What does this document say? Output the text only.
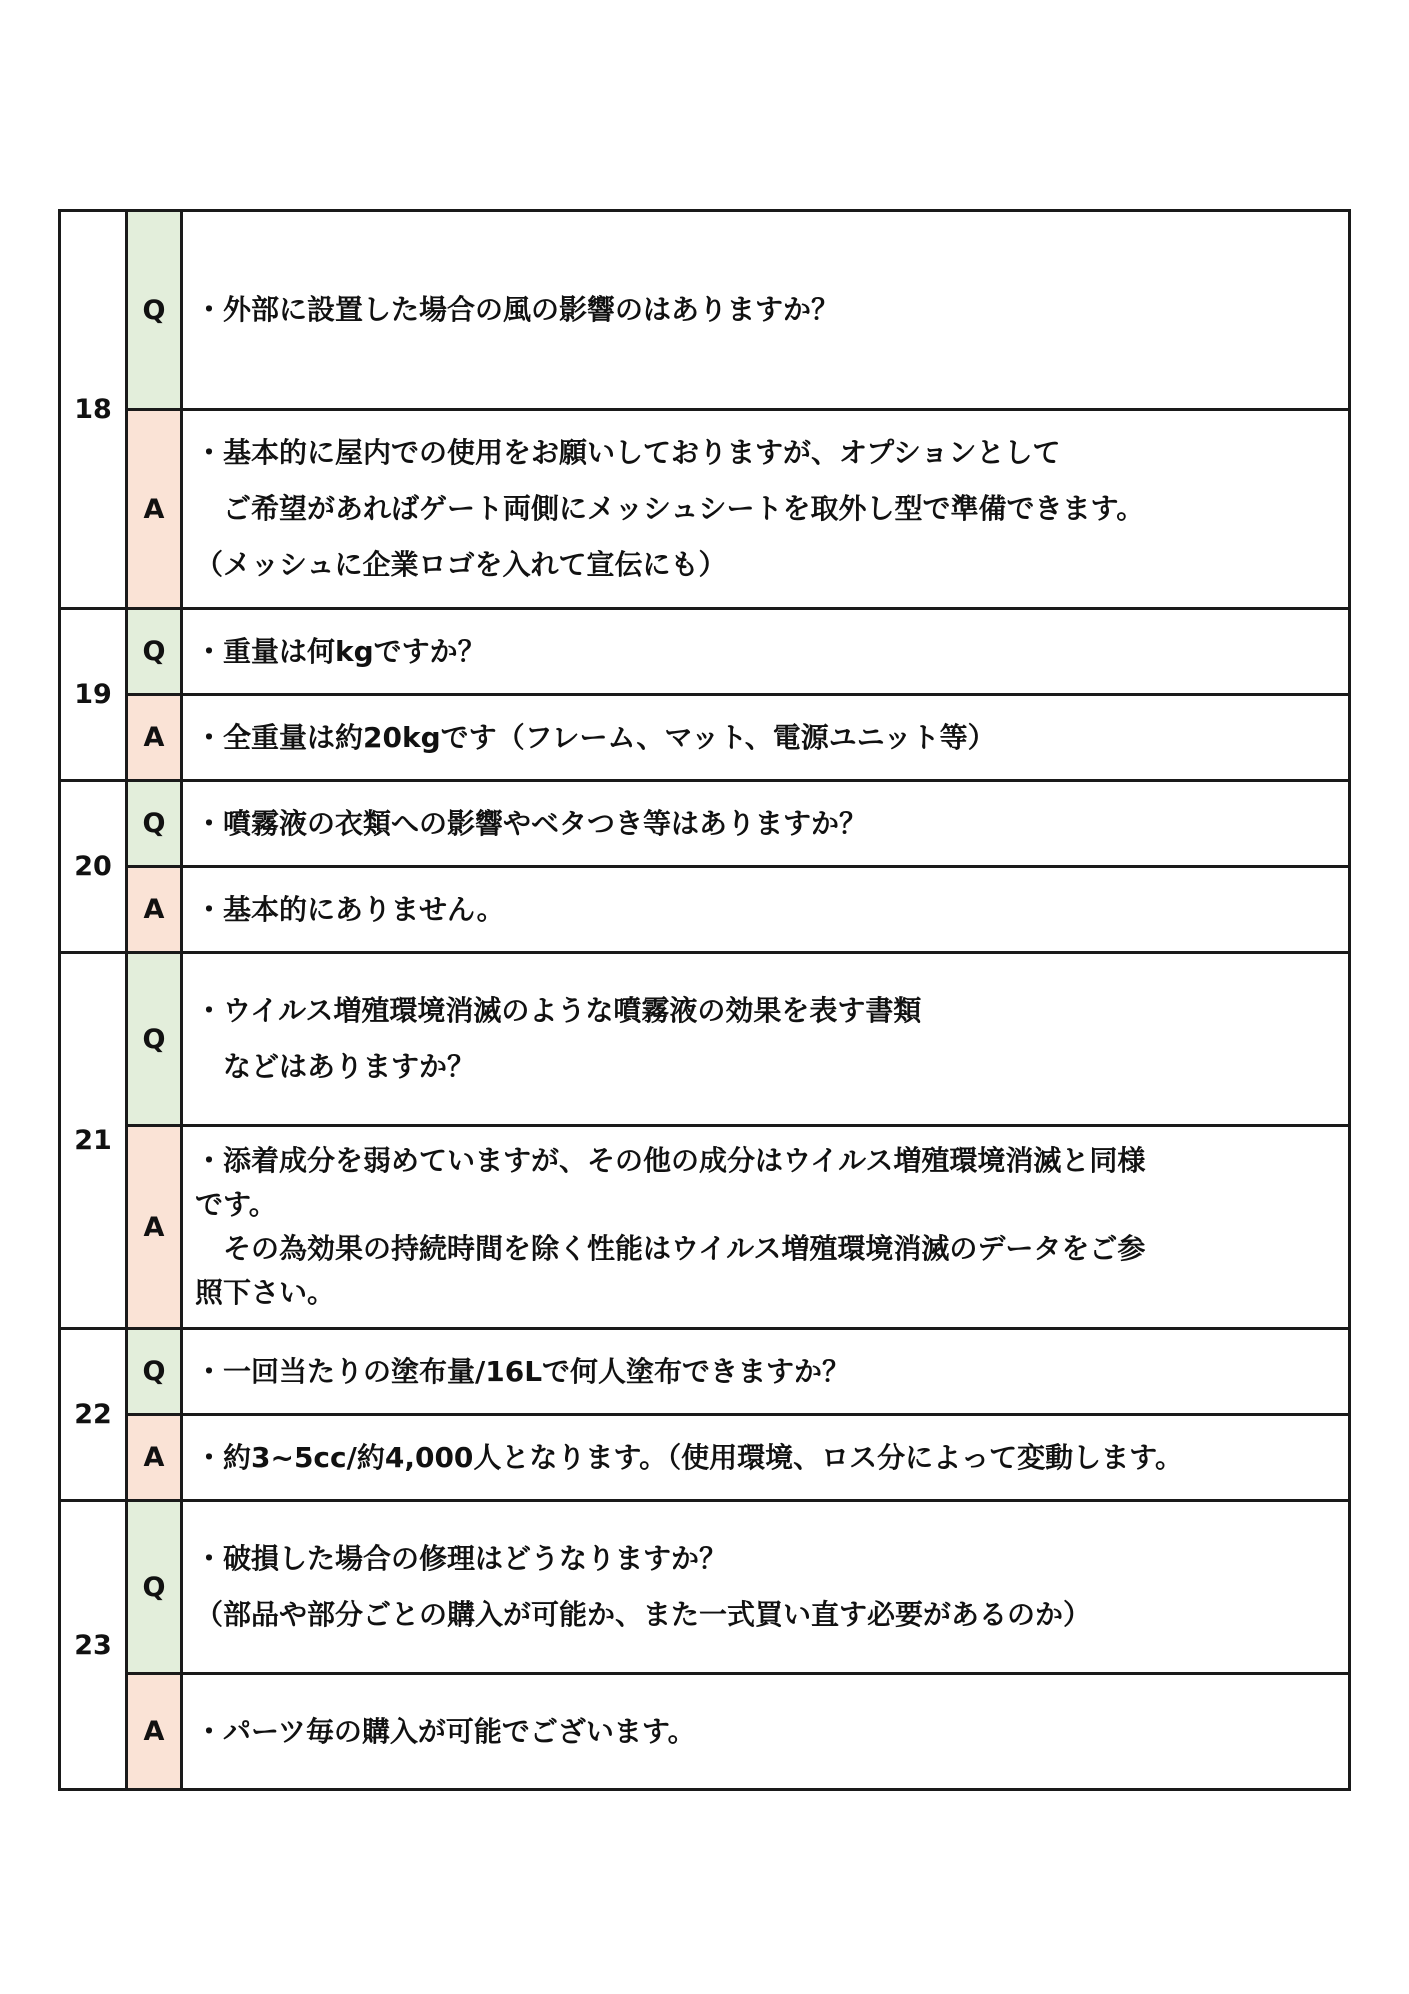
18	Q	・外部に設置した場合の風の影響のはありますか？

	A	・基本的に屋内での使用をお願いしておりますが、オプションとして
ご希望があればゲート両側にメッシュシートを取外し型で準備できます。
（メッシュに企業ロゴを入れて宣伝にも）

19	Q	・重量は何kgですか？

	A	・全重量は約20kgです（フレーム、マット、電源ユニット等）

20	Q	・噴霧液の衣類への影響やベタつき等はありますか？

	A	・基本的にありません。

21	Q	・ウイルス増殖環境消滅のような噴霧液の効果を表す書類
などはありますか？

	A	・添着成分を弱めていますが、その他の成分はウイルス増殖環境消滅と同様
です。
その為効果の持続時間を除く性能はウイルス増殖環境消滅のデータをご参
照下さい。

22	Q	・一回当たりの塗布量/16Lで何人塗布できますか？

	A	・約3~5cc/約4,000人となります。（使用環境、ロス分によって変動します。

23	Q	・破損した場合の修理はどうなりますか？
（部品や部分ごとの購入が可能か、また一式買い直す必要があるのか）

	A	・パーツ毎の購入が可能でございます。
